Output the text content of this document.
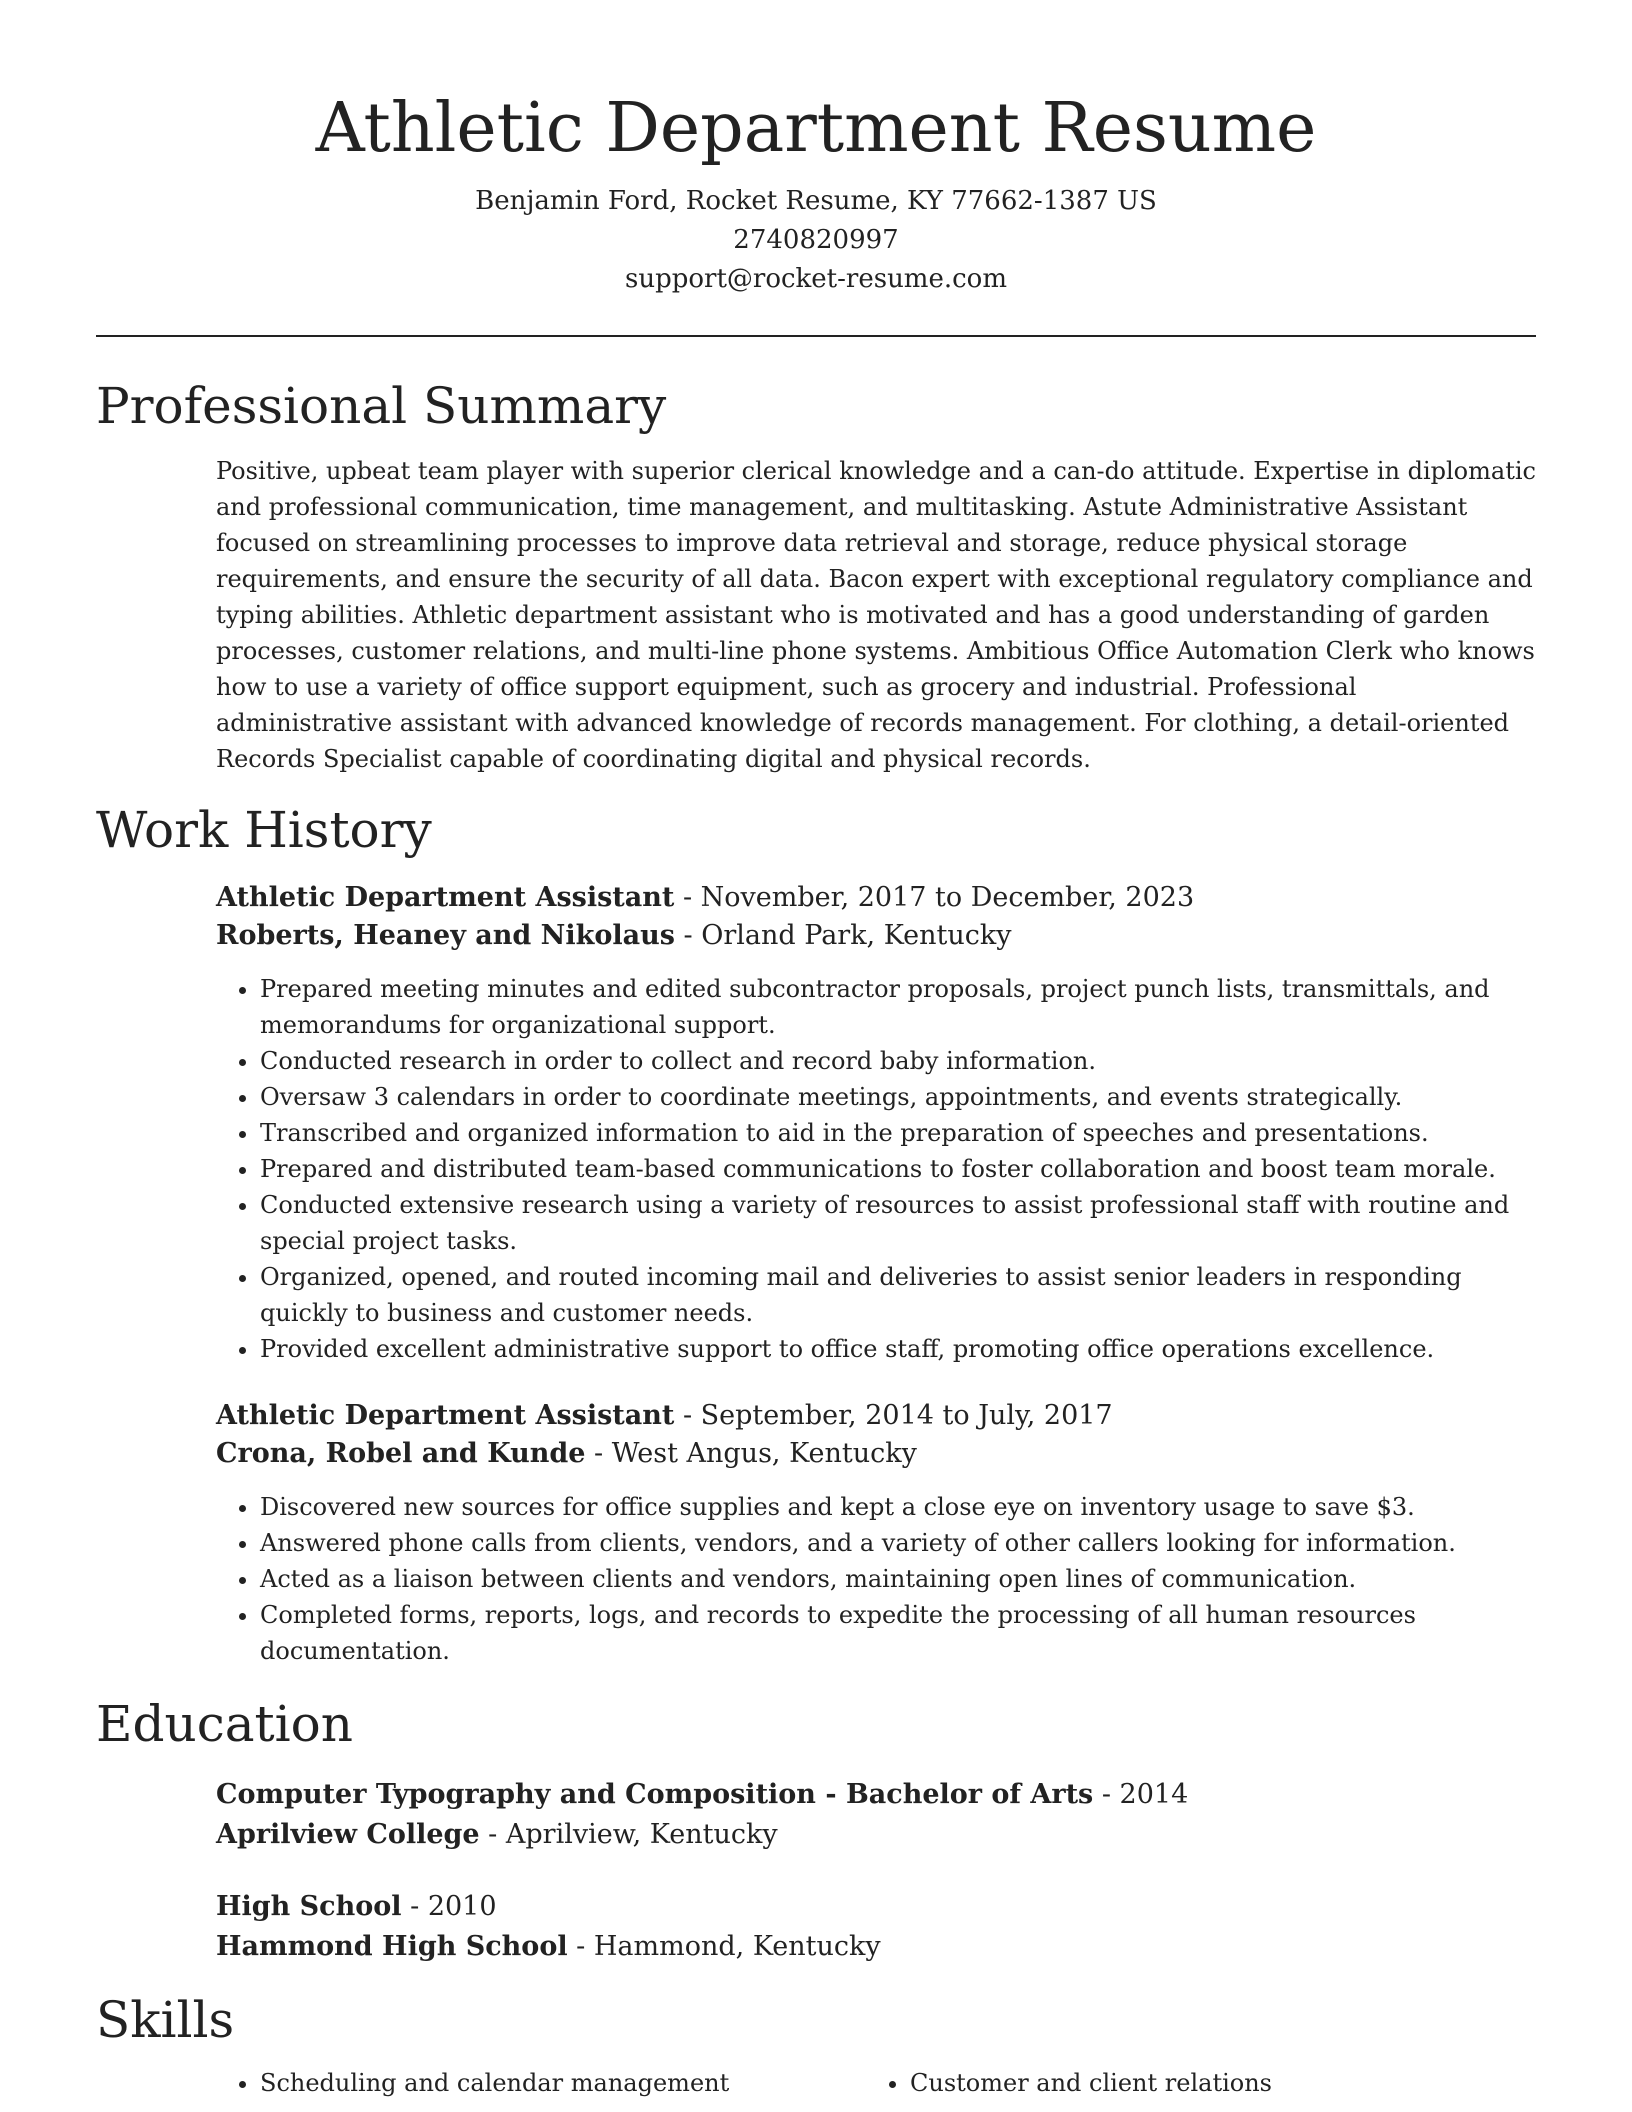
Athletic Department Resume
Benjamin Ford, Rocket Resume, KY 77662-1387 US
2740820997
support@rocket-resume.com
Professional Summary
Positive, upbeat team player with superior clerical knowledge and a can-do attitude. Expertise in diplomatic and professional communication, time management, and multitasking. Astute Administrative Assistant focused on streamlining processes to improve data retrieval and storage, reduce physical storage requirements, and ensure the security of all data. Bacon expert with exceptional regulatory compliance and typing abilities. Athletic department assistant who is motivated and has a good understanding of garden processes, customer relations, and multi-line phone systems. Ambitious Office Automation Clerk who knows how to use a variety of office support equipment, such as grocery and industrial. Professional administrative assistant with advanced knowledge of records management. For clothing, a detail-oriented Records Specialist capable of coordinating digital and physical records.
Work History
Athletic Department Assistant - November, 2017 to December, 2023
Roberts, Heaney and Nikolaus - Orland Park, Kentucky
• Prepared meeting minutes and edited subcontractor proposals, project punch lists, transmittals, and memorandums for organizational support.
• Conducted research in order to collect and record baby information.
• Oversaw 3 calendars in order to coordinate meetings, appointments, and events strategically.
• Transcribed and organized information to aid in the preparation of speeches and presentations.
• Prepared and distributed team-based communications to foster collaboration and boost team morale.
• Conducted extensive research using a variety of resources to assist professional staff with routine and special project tasks.
• Organized, opened, and routed incoming mail and deliveries to assist senior leaders in responding quickly to business and customer needs.
• Provided excellent administrative support to office staff, promoting office operations excellence.
Athletic Department Assistant - September, 2014 to July, 2017
Crona, Robel and Kunde - West Angus, Kentucky
• Discovered new sources for office supplies and kept a close eye on inventory usage to save $3.
• Answered phone calls from clients, vendors, and a variety of other callers looking for information.
• Acted as a liaison between clients and vendors, maintaining open lines of communication.
• Completed forms, reports, logs, and records to expedite the processing of all human resources documentation.
Education
Computer Typography and Composition - Bachelor of Arts - 2014
Aprilview College - Aprilview, Kentucky
High School - 2010
Hammond High School - Hammond, Kentucky
Skills
• Scheduling and calendar management
•	Customer and client relations
